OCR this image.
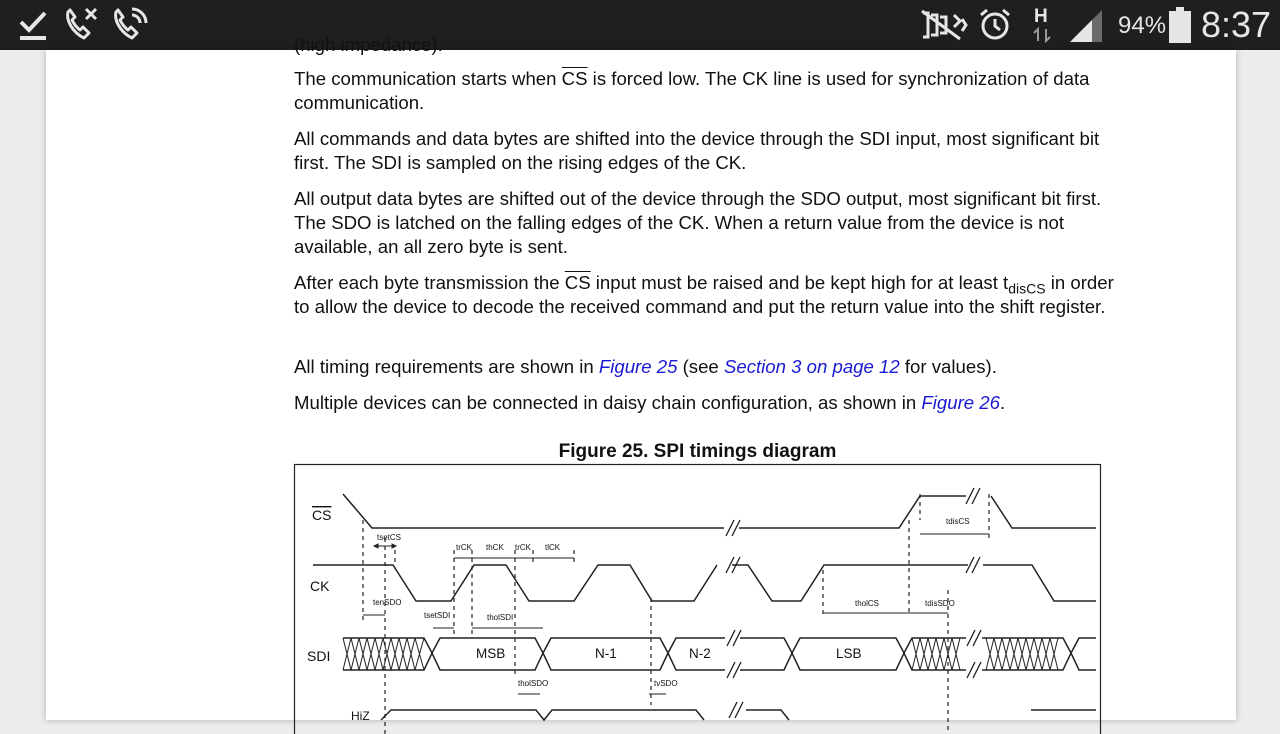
H	94% 8:37
(high impedance).
The communication starts when $\overline{CS}$ is forced low. The CK line is used for synchronization of data communication.
All commands and data bytes are shifted into the device through the SDI input, most significant bit first. The SDI is sampled on the rising edges of the CK.
All output data bytes are shifted out of the device through the SDO output, most significant bit first. The SDO is latched on the falling edges of the CK. When a return value from the device is not available, an all zero byte is sent.
After each byte transmission the $\overline{CS}$ input must be raised and be kept high for at least $t_{disCS}$ in order to allow the device to decode the received command and put the return value into the shift register.
All timing requirements are shown in Figure 25 (see Section 3 on page 12 for values).
Multiple devices can be connected in daisy chain configuration, as shown in Figure 26.
Figure 25. SPI timings diagram
CS
CK
SDI
HiZ
MSB	N-1	N-2	LSB
tsetCS
trCK thCK trCK tlCK
tenSDO
tsetSDI	tholSDI
tholSDO	tvSDO
tholCS
tdisCS
tdisSDO
